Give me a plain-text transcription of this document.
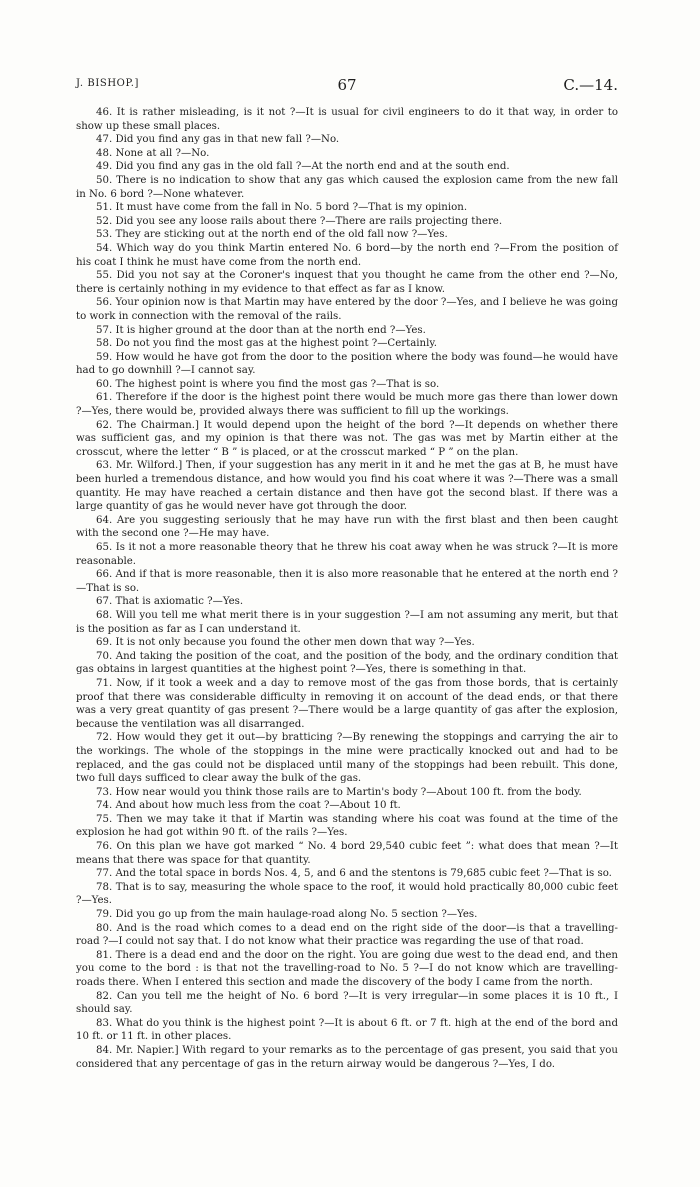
J. BISHOP.]	67	C.—14.

46. It is rather misleading, is it not ?—It is usual for civil engineers to do it that way, in order to show up these small places.

47. Did you find any gas in that new fall ?—No.

48. None at all ?—No.

49. Did you find any gas in the old fall ?—At the north end and at the south end.

50. There is no indication to show that any gas which caused the explosion came from the new fall in No. 6 bord ?—None whatever.

51. It must have come from the fall in No. 5 bord ?—That is my opinion.

52. Did you see any loose rails about there ?—There are rails projecting there.

53. They are sticking out at the north end of the old fall now ?—Yes.

54. Which way do you think Martin entered No. 6 bord—by the north end ?—From the position of his coat I think he must have come from the north end.

55. Did you not say at the Coroner's inquest that you thought he came from the other end ?—No, there is certainly nothing in my evidence to that effect as far as I know.

56. Your opinion now is that Martin may have entered by the door ?—Yes, and I believe he was going to work in connection with the removal of the rails.

57. It is higher ground at the door than at the north end ?—Yes.

58. Do not you find the most gas at the highest point ?—Certainly.

59. How would he have got from the door to the position where the body was found—he would have had to go downhill ?—I cannot say.

60. The highest point is where you find the most gas ?—That is so.

61. Therefore if the door is the highest point there would be much more gas there than lower down ?—Yes, there would be, provided always there was sufficient to fill up the workings.

62. The Chairman.] It would depend upon the height of the bord ?—It depends on whether there was sufficient gas, and my opinion is that there was not. The gas was met by Martin either at the crosscut, where the letter “ B ” is placed, or at the crosscut marked “ P ” on the plan.

63. Mr. Wilford.] Then, if your suggestion has any merit in it and he met the gas at B, he must have been hurled a tremendous distance, and how would you find his coat where it was ?—There was a small quantity. He may have reached a certain distance and then have got the second blast. If there was a large quantity of gas he would never have got through the door.

64. Are you suggesting seriously that he may have run with the first blast and then been caught with the second one ?—He may have.

65. Is it not a more reasonable theory that he threw his coat away when he was struck ?—It is more reasonable.

66. And if that is more reasonable, then it is also more reasonable that he entered at the north end ?—That is so.

67. That is axiomatic ?—Yes.

68. Will you tell me what merit there is in your suggestion ?—I am not assuming any merit, but that is the position as far as I can understand it.

69. It is not only because you found the other men down that way ?—Yes.

70. And taking the position of the coat, and the position of the body, and the ordinary condition that gas obtains in largest quantities at the highest point ?—Yes, there is something in that.

71. Now, if it took a week and a day to remove most of the gas from those bords, that is certainly proof that there was considerable difficulty in removing it on account of the dead ends, or that there was a very great quantity of gas present ?—There would be a large quantity of gas after the explosion, because the ventilation was all disarranged.

72. How would they get it out—by bratticing ?—By renewing the stoppings and carrying the air to the workings. The whole of the stoppings in the mine were practically knocked out and had to be replaced, and the gas could not be displaced until many of the stoppings had been rebuilt. This done, two full days sufficed to clear away the bulk of the gas.

73. How near would you think those rails are to Martin's body ?—About 100 ft. from the body.

74. And about how much less from the coat ?—About 10 ft.

75. Then we may take it that if Martin was standing where his coat was found at the time of the explosion he had got within 90 ft. of the rails ?—Yes.

76. On this plan we have got marked “ No. 4 bord 29,540 cubic feet ”: what does that mean ?—It means that there was space for that quantity.

77. And the total space in bords Nos. 4, 5, and 6 and the stentons is 79,685 cubic feet ?—That is so.

78. That is to say, measuring the whole space to the roof, it would hold practically 80,000 cubic feet ?—Yes.

79. Did you go up from the main haulage-road along No. 5 section ?—Yes.

80. And is the road which comes to a dead end on the right side of the door—is that a travelling-road ?—I could not say that. I do not know what their practice was regarding the use of that road.

81. There is a dead end and the door on the right. You are going due west to the dead end, and then you come to the bord : is that not the travelling-road to No. 5 ?—I do not know which are travelling-roads there. When I entered this section and made the discovery of the body I came from the north.

82. Can you tell me the height of No. 6 bord ?—It is very irregular—in some places it is 10 ft., I should say.

83. What do you think is the highest point ?—It is about 6 ft. or 7 ft. high at the end of the bord and 10 ft. or 11 ft. in other places.

84. Mr. Napier.] With regard to your remarks as to the percentage of gas present, you said that you considered that any percentage of gas in the return airway would be dangerous ?—Yes, I do.
